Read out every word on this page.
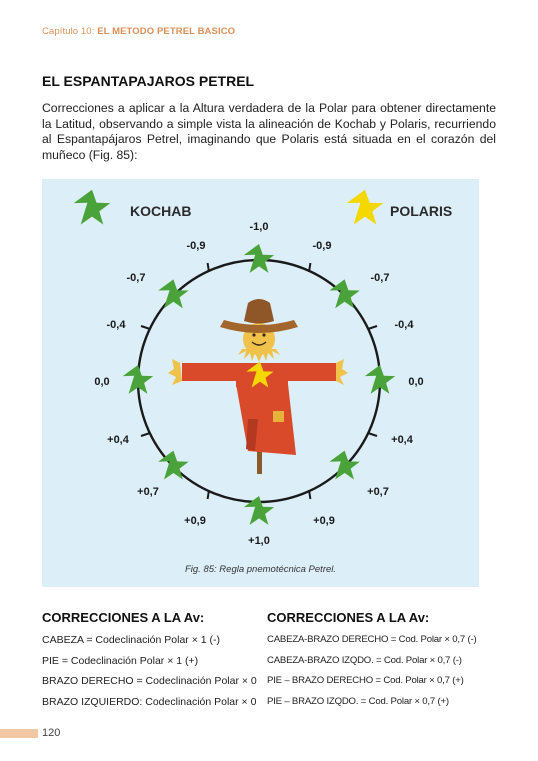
Capítulo 10: EL METODO PETREL BASICO
EL ESPANTAPAJAROS PETREL
Correcciones a aplicar a la Altura verdadera de la Polar para obtener directamente la Latitud, observando a simple vista la alineación de Kochab y Polaris, recurriendo al Espantapájaros Petrel, imaginando que Polaris está situada en el corazón del muñeco (Fig. 85):
KOCHAB	POLARIS
-1,0
-0,9	-0,9
-0,7	-0,7
-0,4	-0,4
0,0	0,0
+0,4	+0,4
+0,7	+0,7
+0,9	+0,9
+1,0
Fig. 85: Regla pnemotécnica Petrel.
CORRECCIONES A LA Av:
CABEZA = Codeclinación Polar × 1 (-)
PIE = Codeclinación Polar × 1 (+)
BRAZO DERECHO = Codeclinación Polar × 0
BRAZO IZQUIERDO: Codeclinación Polar × 0
CORRECCIONES A LA Av:
CABEZA-BRAZO DERECHO = Cod. Polar × 0,7 (-)
CABEZA-BRAZO IZQDO. = Cod. Polar × 0,7 (-)
PIE – BRAZO DERECHO = Cod. Polar × 0,7 (+)
PIE – BRAZO IZQDO. = Cod. Polar × 0,7 (+)
120
